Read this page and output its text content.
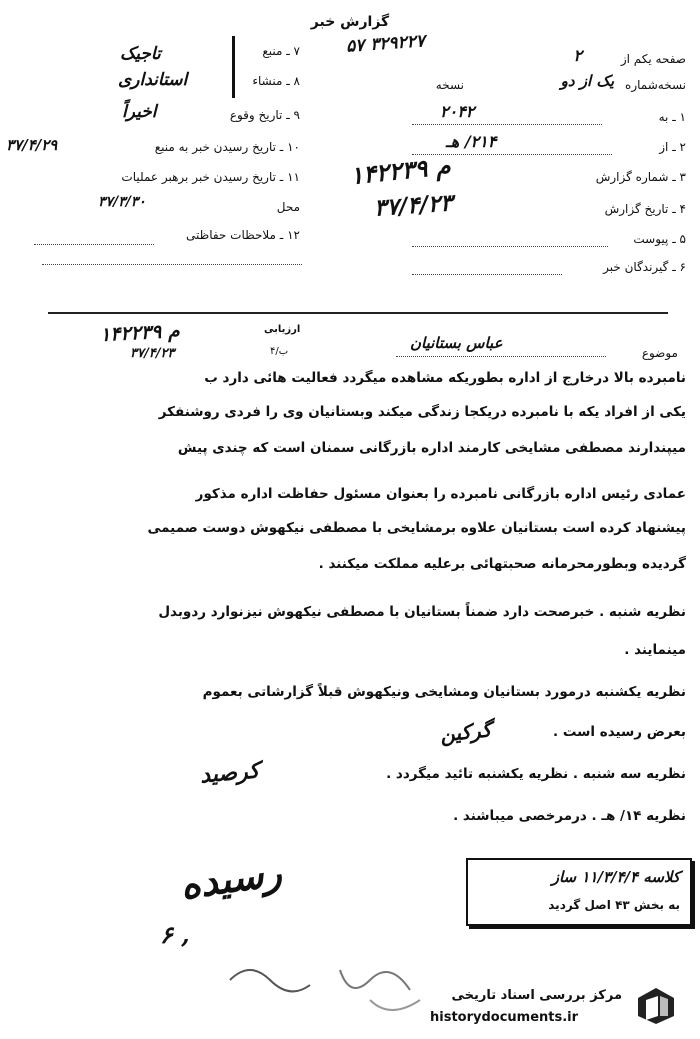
گزارش خبر
۵۷ ۳۲۹۲۲۷
صفحه یکم از
۲
نسخه‌شماره
یک از دو
نسخه
۱ ـ به
۲۰۴۲
۲ ـ از
۲۱۴/ هـ
۳ ـ شماره گزارش
۱۴م ۲۲۳۹
۴ ـ تاریخ گزارش
۳۷/۴/۲۳
۵ ـ پیوست
۶ ـ گیرندگان خبر
۷ ـ منبع
تاجیک
۸ ـ منشاء
استانداری
۹ ـ تاریخ وقوع
اخیراً
۱۰ ـ تاریخ رسیدن خبر به منبع
۳۷/۴/۲۹
۱۱ ـ تاریخ رسیدن خبر برهبر عملیات
محل
۳۷/۳/۳۰
۱۲ ـ ملاحظات حفاظتی
موضوع
عباس بستانیان
ارزیابی
ب/۴
۱۴م ۲۲۳۹
۳۷/۴/۲۳
نامبرده بالا درخارج از اداره بطوریکه مشاهده میگردد فعالیت هائی دارد ب
یکی از افراد یکه با نامبرده دریکجا زندگی میکند وبستانیان وی را فردی روشنفکر
میپندارند مصطفی مشایخی کارمند اداره بازرگانی سمنان است که چندی پیش
عمادی رئیس اداره بازرگانی نامبرده را بعنوان مسئول حفاظت اداره مذکور
پیشنهاد کرده است بستانیان علاوه برمشایخی با مصطفی نیکهوش دوست صمیمی
گردیده وبطورمحرمانه صحبتهائی برعلیه مملکت میکنند .
نظریه شنبه . خبرصحت دارد ضمناً بستانیان با مصطفی نیکهوش نیزنوارد ردوبدل
مینمایند .
نظریه یکشنبه درمورد بستانیان ومشایخی ونیکهوش قبلاً گزارشاتی بعموم
بعرض رسیده است .
گرکین
نظریه سه شنبه . نظریه یکشنبه تائید میگردد .
کرصید
نظریه ۱۴/ هـ . درمرخصی میباشند .
کلاسه ۱۱/۳/۴/۴ ساز
به بخش ۴۳ اصل گردید
رسیده
۶ ,
مرکز بررسی اسناد تاریخی
historydocuments.ir
